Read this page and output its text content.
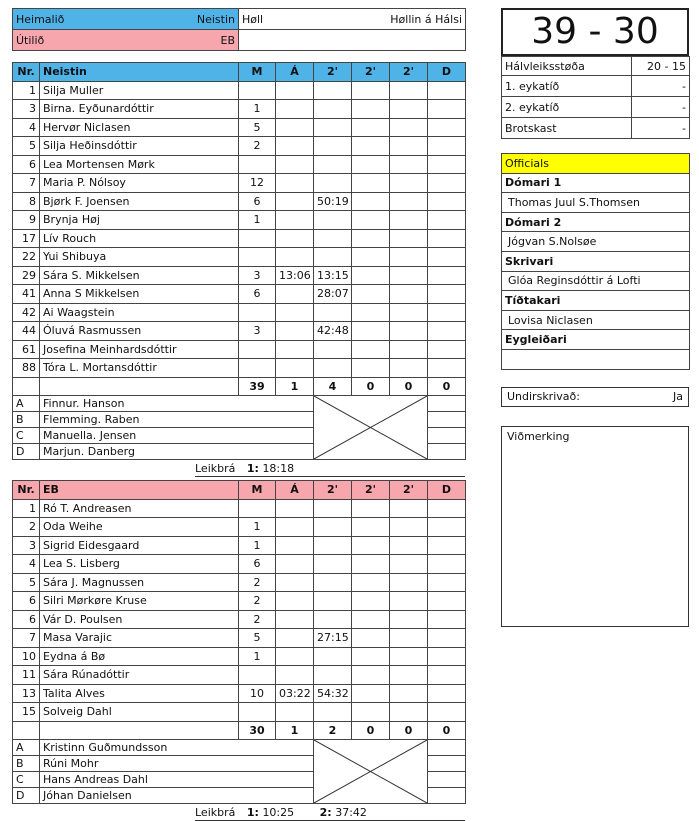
Heimalið Neistin	Høll Høllin á Hálsi

Útilið EB	

Nr.	Neistin	M	Á	2'	2'	2'	D
1	Silja Muller						
3	Birna. Eyðunardóttir	1					
4	Hervør Niclasen	5					
5	Silja Heðinsdóttir	2					
6	Lea Mortensen Mørk						
7	Maria P. Nólsoy	12					
8	Bjørk F. Joensen	6		50:19			
9	Brynja Høj	1					
17	Lív Rouch						
22	Yui Shibuya						
29	Sára S. Mikkelsen	3	13:06	13:15			
41	Anna S Mikkelsen	6		28:07			
42	Ai Waagstein						
44	Óluvá Rasmussen	3		42:48			
61	Josefina Meinhardsdóttir						
88	Tóra L. Mortansdóttir						
		39	1	4	0	0	0
A	Finnur. Hanson	

B	Flemming. Raben						
C	Manuella. Jensen						
D	Marjun. Danberg						
Leikbrá 1: 18:18
Nr.	EB	M	Á	2'	2'	2'	D
1	Ró T. Andreasen						
2	Oda Weihe	1					
3	Sigrid Eidesgaard	1					
4	Lea S. Lisberg	6					
5	Sára J. Magnussen	2					
6	Silri Mørkøre Kruse	2					
6	Vár D. Poulsen	2					
7	Masa Varajic	5		27:15			
10	Eydna á Bø	1					
11	Sára Rúnadóttir						
13	Talita Alves	10	03:22	54:32			
15	Solveig Dahl						
		30	1	2	0	0	0
A	Kristinn Guðmundsson	

B	Rúni Mohr						
C	Hans Andreas Dahl						
D	Jóhan Danielsen						
Leikbrá 1: 10:25 2: 37:42
39 - 30
Hálvleiksstøða	20 - 15
1. eykatíð	-
2. eykatíð	-
Brotskast	-
Officials
Dómari 1
Thomas Juul S.Thomsen
Dómari 2
Jógvan S.Nolsøe
Skrivari
Glóa Reginsdóttir á Lofti
Tíðtakari
Lovisa Niclasen
Eygleiðari

Undirskrivað:	Ja
Viðmerking
